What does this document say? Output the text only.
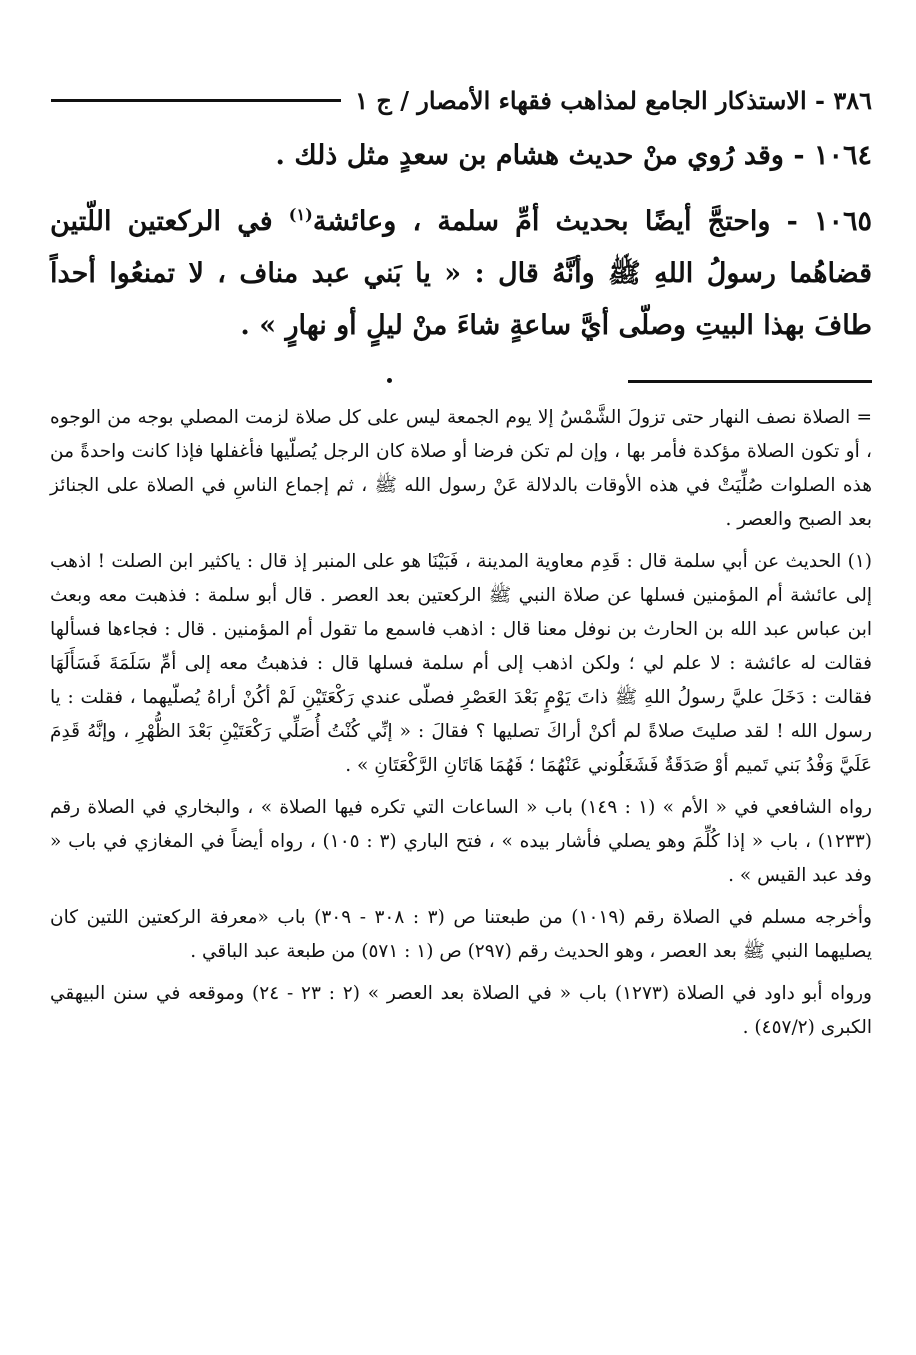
٣٨٦ - الاستذكار الجامع لمذاهب فقهاء الأمصار / ج ١

١٠٦٤ - وقد رُوي منْ حديث هشام بن سعدٍ مثل ذلك .

١٠٦٥ - واحتجَّ أيضًا بحديث أمِّ سلمة ، وعائشة$^{(١)}$ في الركعتين اللّتين قضاهُما رسولُ اللهِ ﷺ وأنَّهُ قال : « يا بَني عبد مناف ، لا تمنعُوا أحداً طافَ بهذا البيتِ وصلّى أيَّ ساعةٍ شاءَ منْ ليلٍ أو نهارٍ » .

= الصلاة نصف النهار حتى تزولَ الشَّمْسُ إلا يوم الجمعة ليس على كل صلاة لزمت المصلي بوجه من الوجوه ، أو تكون الصلاة مؤكدة فأمر بها ، وإن لم تكن فرضا أو صلاة كان الرجل يُصلّيها فأغفلها فإذا كانت واحدةً من هذه الصلوات صُلِّيَتْ في هذه الأوقات بالدلالة عَنْ رسول الله ﷺ ، ثم إجماع الناسِ في الصلاة على الجنائز بعد الصبح والعصر .

(١) الحديث عن أبي سلمة قال : قَدِم معاوية المدينة ، فَبَيْنَا هو على المنبر إذ قال : ياكثير ابن الصلت ! اذهب إلى عائشة أم المؤمنين فسلها عن صلاة النبي ﷺ الركعتين بعد العصر . قال أبو سلمة : فذهبت معه وبعث ابن عباس عبد الله بن الحارث بن نوفل معنا قال : اذهب فاسمع ما تقول أم المؤمنين . قال : فجاءها فسألها فقالت له عائشة : لا علم لي ؛ ولكن اذهب إلى أم سلمة فسلها قال : فذهبتُ معه إلى أمِّ سَلَمَةَ فَسَأَلَهَا فقالت : دَخَلَ عليَّ رسولُ اللهِ ﷺ ذاتَ يَوْمٍ بَعْدَ العَصْرِ فصلّى عندي رَكْعَتَيْنِ لَمْ أكُنْ أراهُ يُصلّيهما ، فقلت : يا رسول الله ! لقد صليتَ صلاةً لم أكنْ أراكَ تصليها ؟ فقالَ : « إنِّي كُنْتُ أُصَلِّي رَكْعَتَيْنِ بَعْدَ الظُّهْرِ ، وإنَّهُ قَدِمَ عَلَيَّ وَفْدُ بَني تَميم أوْ صَدَقَةٌ فَشَغَلُوني عَنْهُمَا ؛ فَهُمَا هَاتَانِ الرَّكْعَتَانِ » .

رواه الشافعي في « الأم » (١ : ١٤٩) باب « الساعات التي تكره فيها الصلاة » ، والبخاري في الصلاة رقم (١٢٣٣) ، باب « إذا كُلِّمَ وهو يصلي فأشار بيده » ، فتح الباري (٣ : ١٠٥) ، رواه أيضاً في المغازي في باب « وفد عبد القيس » .

وأخرجه مسلم في الصلاة رقم (١٠١٩) من طبعتنا ص (٣ : ٣٠٨ - ٣٠٩) باب «معرفة الركعتين اللتين كان يصليهما النبي ﷺ بعد العصر ، وهو الحديث رقم (٢٩٧) ص (١ : ٥٧١) من طبعة عبد الباقي .

ورواه أبو داود في الصلاة (١٢٧٣) باب « في الصلاة بعد العصر » (٢ : ٢٣ - ٢٤) وموقعه في سنن البيهقي الكبرى (٤٥٧/٢) .
